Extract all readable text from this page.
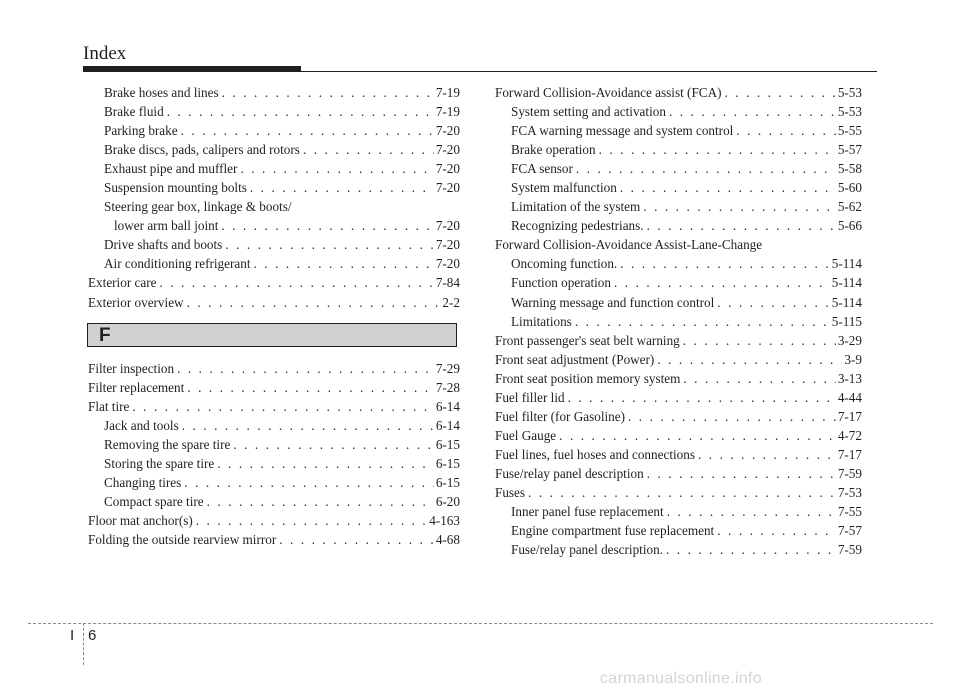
Index
Brake hoses and lines . . .	7-19
Brake fluid . . .	7-19
Parking brake . . .	7-20
Brake discs, pads, calipers and rotors . . .	7-20
Exhaust pipe and muffler . . .	7-20
Suspension mounting bolts . . .	7-20
Steering gear box, linkage & boots/
lower arm ball joint . . .	7-20
Drive shafts and boots . . .	7-20
Air conditioning refrigerant . . .	7-20
Exterior care . . .	7-84
Exterior overview . . .	2-2
F
Filter inspection . . .	7-29
Filter replacement . . .	7-28
Flat tire . . .	6-14
Jack and tools . . .	6-14
Removing the spare tire . . .	6-15
Storing the spare tire . . .	6-15
Changing tires . . .	6-15
Compact spare tire . . .	6-20
Floor mat anchor(s) . . .	4-163
Folding the outside rearview mirror . . .	4-68
Forward Collision-Avoidance assist (FCA) . . .	5-53
System setting and activation . . .	5-53
FCA warning message and system control . . .	5-55
Brake operation . . .	5-57
FCA sensor . . .	5-58
System malfunction . . .	5-60
Limitation of the system . . .	5-62
Recognizing pedestrians. . . .	5-66
Forward Collision-Avoidance Assist-Lane-Change
Oncoming function. . . .	5-114
Function operation . . .	5-114
Warning message and function control . . .	5-114
Limitations . . .	5-115
Front passenger's seat belt warning . . .	3-29
Front seat adjustment (Power) . . .	3-9
Front seat position memory system . . .	3-13
Fuel filler lid . . .	4-44
Fuel filter (for Gasoline) . . .	7-17
Fuel Gauge . . .	4-72
Fuel lines, fuel hoses and connections . . .	7-17
Fuse/relay panel description . . .	7-59
Fuses . . .	7-53
Inner panel fuse replacement . . .	7-55
Engine compartment fuse replacement . . .	7-57
Fuse/relay panel description. . . .	7-59
I 6
carmanualsonline.info
